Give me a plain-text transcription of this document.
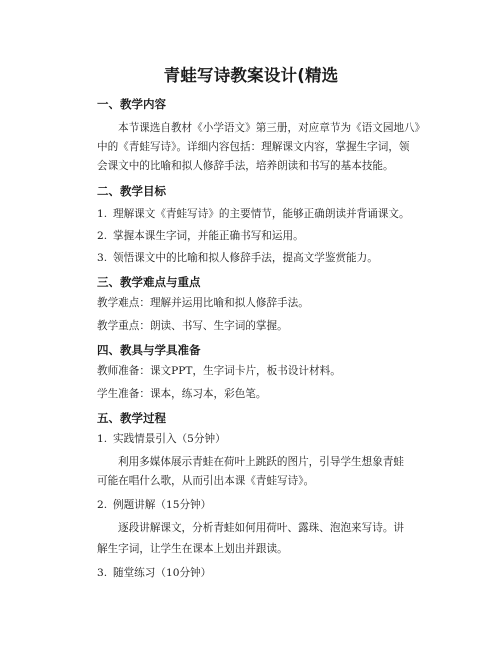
青蛙写诗教案设计(精选
一、教学内容
本节课选自教材《小学语文》第三册，对应章节为《语文园地八》
中的《青蛙写诗》。详细内容包括：理解课文内容，掌握生字词，领
会课文中的比喻和拟人修辞手法，培养朗读和书写的基本技能。
二、教学目标
1. 理解课文《青蛙写诗》的主要情节，能够正确朗读并背诵课文。
2. 掌握本课生字词，并能正确书写和运用。
3. 领悟课文中的比喻和拟人修辞手法，提高文学鉴赏能力。
三、教学难点与重点
教学难点：理解并运用比喻和拟人修辞手法。
教学重点：朗读、书写、生字词的掌握。
四、教具与学具准备
教师准备：课文PPT，生字词卡片，板书设计材料。
学生准备：课本，练习本，彩色笔。
五、教学过程
1. 实践情景引入（5分钟）
利用多媒体展示青蛙在荷叶上跳跃的图片，引导学生想象青蛙
可能在唱什么歌，从而引出本课《青蛙写诗》。
2. 例题讲解（15分钟）
逐段讲解课文，分析青蛙如何用荷叶、露珠、泡泡来写诗。讲
解生字词，让学生在课本上划出并跟读。
3. 随堂练习（10分钟）
